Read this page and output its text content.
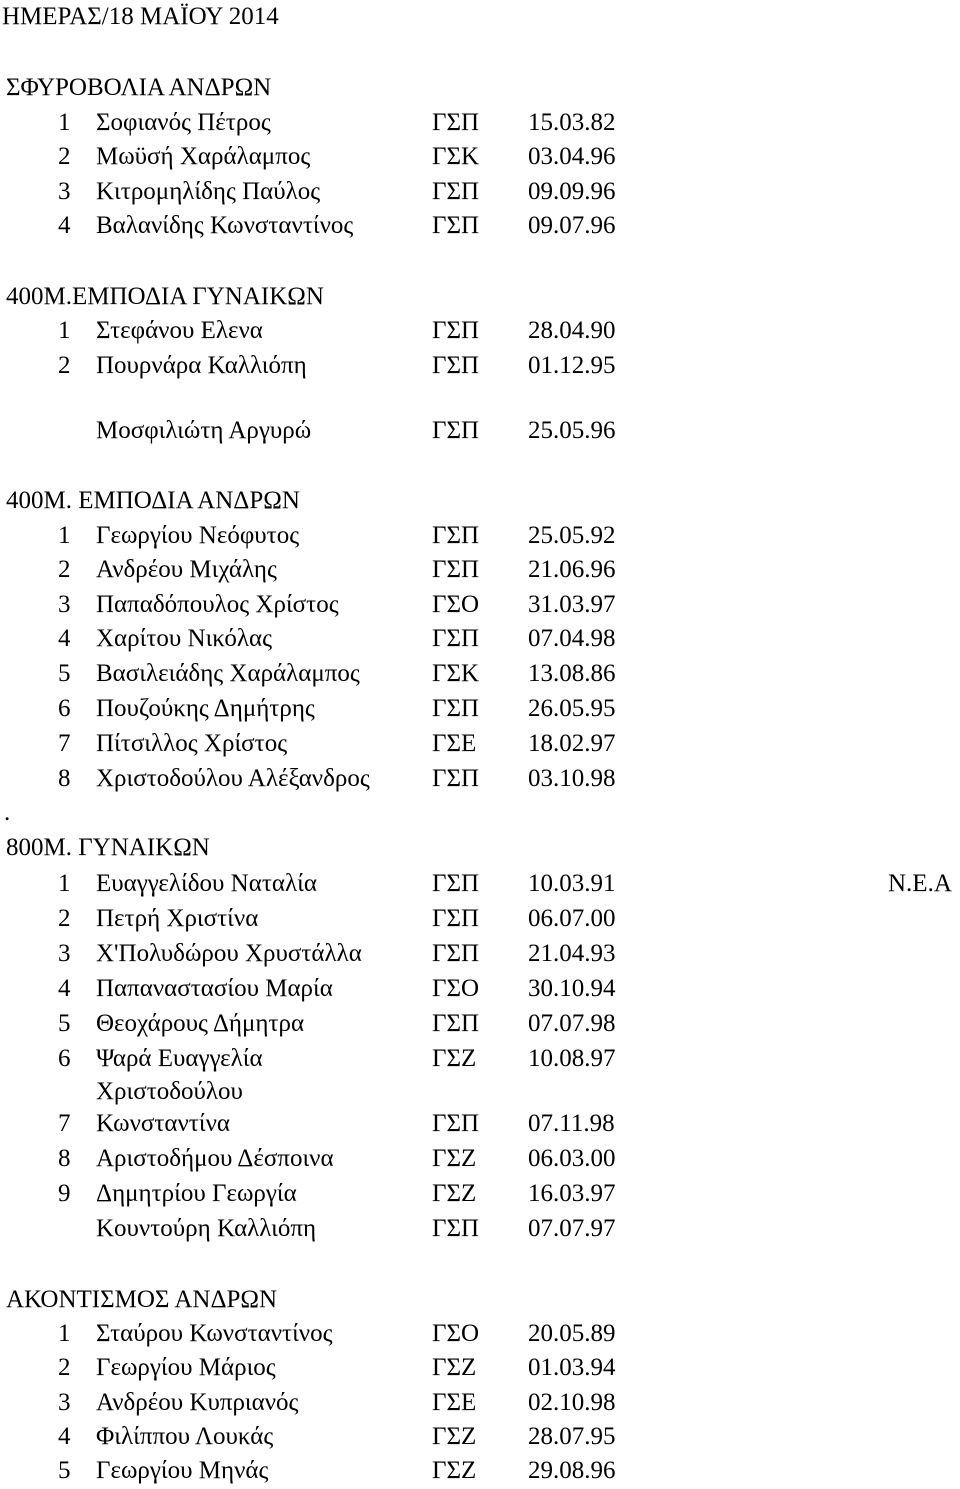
ΗΜΕΡΑΣ/18 ΜΑΪΟΥ 2014
ΣΦΥΡΟΒΟΛΙΑ ΑΝΔΡΩΝ
1 Σοφιανός Πέτρος	ΓΣΠ 15.03.82
2 Μωϋσή Χαράλαμπος	ΓΣΚ 03.04.96
3 Κιτρομηλίδης Παύλος	ΓΣΠ 09.09.96
4 Βαλανίδης Κωνσταντίνος	ΓΣΠ 09.07.96
400Μ.ΕΜΠΟΔΙΑ ΓΥΝΑΙΚΩΝ
1 Στεφάνου Ελενα	ΓΣΠ 28.04.90
2 Πουρνάρα Καλλιόπη	ΓΣΠ 01.12.95
Μοσφιλιώτη Αργυρώ	ΓΣΠ 25.05.96
400Μ. ΕΜΠΟΔΙΑ ΑΝΔΡΩΝ
1 Γεωργίου Νεόφυτος	ΓΣΠ 25.05.92
2 Ανδρέου Μιχάλης	ΓΣΠ 21.06.96
3 Παπαδόπουλος Χρίστος	ΓΣΟ 31.03.97
4 Χαρίτου Νικόλας	ΓΣΠ 07.04.98
5 Βασιλειάδης Χαράλαμπος	ΓΣΚ 13.08.86
6 Πουζούκης Δημήτρης	ΓΣΠ 26.05.95
7 Πίτσιλλος Χρίστος	ΓΣΕ 18.02.97
8 Χριστοδούλου Αλέξανδρος ΓΣΠ 03.10.98
.
800Μ. ΓΥΝΑΙΚΩΝ
1 Ευαγγελίδου Ναταλία	ΓΣΠ 10.03.91	Ν.Ε.Α
2 Πετρή Χριστίνα	ΓΣΠ 06.07.00
3 Χ'Πολυδώρου Χρυστάλλα	ΓΣΠ 21.04.93
4 Παπαναστασίου Μαρία	ΓΣΟ 30.10.94
5 Θεοχάρους Δήμητρα	ΓΣΠ 07.07.98
6 Ψαρά Ευαγγελία	ΓΣΖ 10.08.97
Χριστοδούλου
7 Κωνσταντίνα	ΓΣΠ 07.11.98
8 Αριστοδήμου Δέσποινα	ΓΣΖ 06.03.00
9 Δημητρίου Γεωργία	ΓΣΖ 16.03.97
Κουντούρη Καλλιόπη	ΓΣΠ 07.07.97
ΑΚΟΝΤΙΣΜΟΣ ΑΝΔΡΩΝ
1 Σταύρου Κωνσταντίνος	ΓΣΟ 20.05.89
2 Γεωργίου Μάριος	ΓΣΖ 01.03.94
3 Ανδρέου Κυπριανός	ΓΣΕ 02.10.98
4 Φιλίππου Λουκάς	ΓΣΖ 28.07.95
5 Γεωργίου Μηνάς	ΓΣΖ 29.08.96
